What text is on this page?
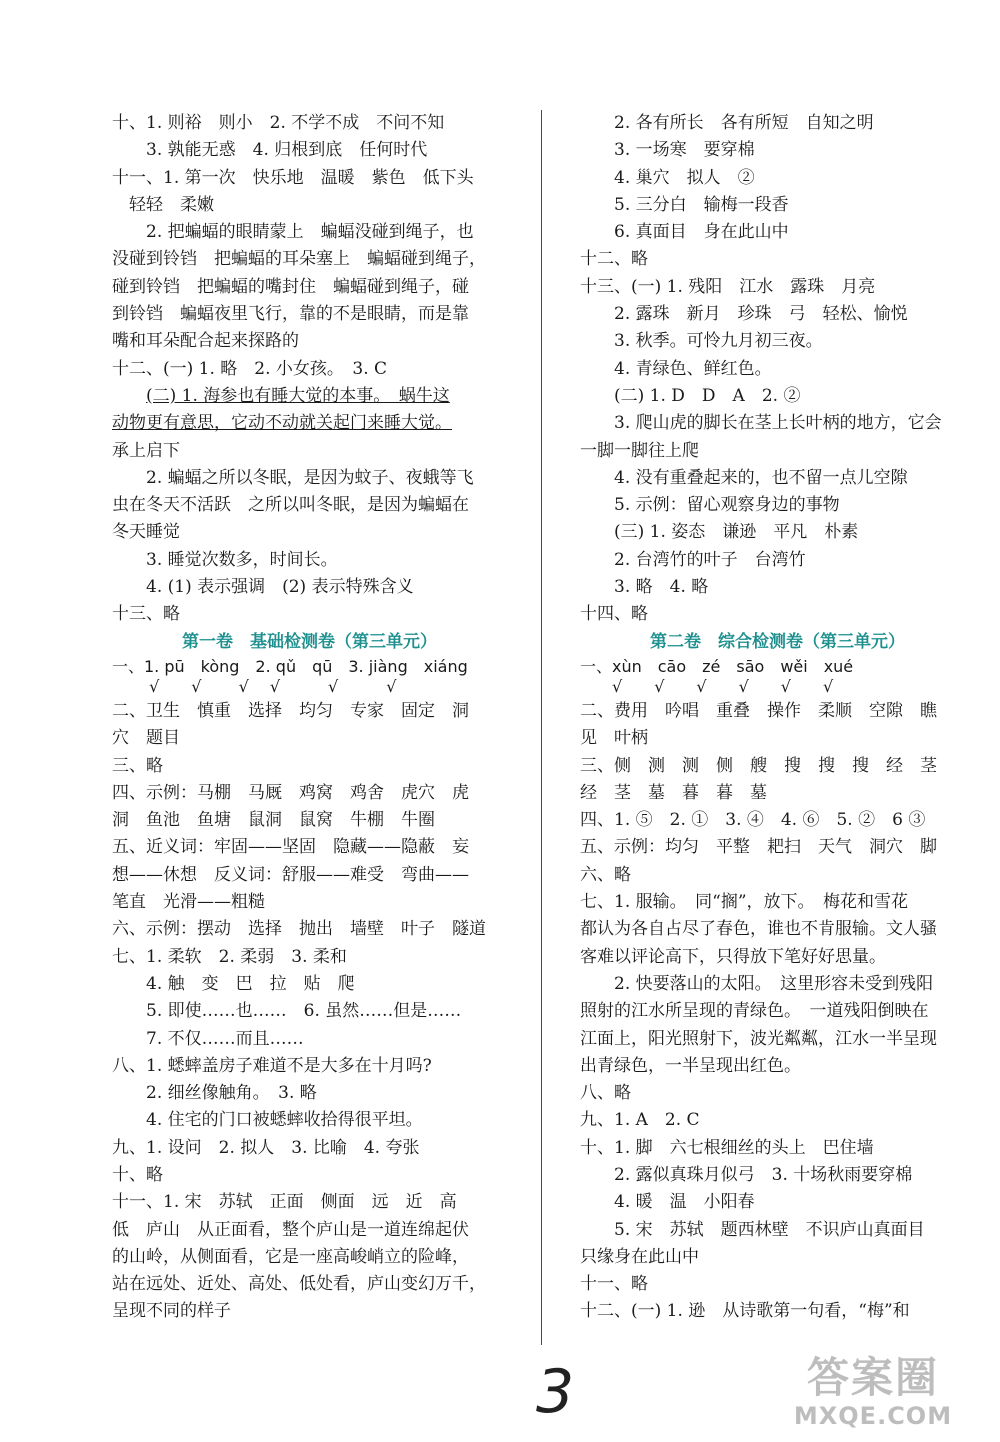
十、1. 则裕　则小　2. 不学不成　不问不知
3. 孰能无惑　4. 归根到底　任何时代
十一、1. 第一次　快乐地　温暖　紫色　低下头
轻轻　柔嫩
2. 把蝙蝠的眼睛蒙上　蝙蝠没碰到绳子，也
没碰到铃铛　把蝙蝠的耳朵塞上　蝙蝠碰到绳子，
碰到铃铛　把蝙蝠的嘴封住　蝙蝠碰到绳子，碰
到铃铛　蝙蝠夜里飞行，靠的不是眼睛，而是靠
嘴和耳朵配合起来探路的
十二、(一) 1. 略　2. 小女孩。　3. C
(二) 1. 海参也有睡大觉的本事。　蜗牛这
动物更有意思，它动不动就关起门来睡大觉。
承上启下
2. 蝙蝠之所以冬眠，是因为蚊子、夜蛾等飞
虫在冬天不活跃　之所以叫冬眠，是因为蝙蝠在
冬天睡觉
3. 睡觉次数多，时间长。
4. (1) 表示强调　(2) 表示特殊含义
十三、略
第一卷　基础检测卷（第三单元）
一、1. pū　kòng　2. qǔ　qū　3. jiàng　xiáng
　　 √　　√　　 √　 √　　　√　　　√
二、卫生　慎重　选择　均匀　专家　固定　洞
穴　题目
三、略
四、示例：马棚　马厩　鸡窝　鸡舍　虎穴　虎
洞　鱼池　鱼塘　鼠洞　鼠窝　牛棚　牛圈
五、近义词：牢固——坚固　隐藏——隐蔽　妄
想——休想　反义词：舒服——难受　弯曲——
笔直　光滑——粗糙
六、示例：摆动　选择　抛出　墙壁　叶子　隧道
七、1. 柔软　2. 柔弱　3. 柔和
4. 触　变　巴　拉　贴　爬
5. 即使……也……　6. 虽然……但是……
7. 不仅……而且……
八、1. 蟋蟀盖房子难道不是大多在十月吗?
2. 细丝像触角。　3. 略
4. 住宅的门口被蟋蟀收拾得很平坦。
九、1. 设问　2. 拟人　3. 比喻　4. 夸张
十、略
十一、1. 宋　苏轼　正面　侧面　远　近　高
低　庐山　从正面看，整个庐山是一道连绵起伏
的山岭，从侧面看，它是一座高峻峭立的险峰，
站在远处、近处、高处、低处看，庐山变幻万千，
呈现不同的样子
2. 各有所长　各有所短　自知之明
3. 一场寒　要穿棉
4. 巢穴　拟人　②
5. 三分白　输梅一段香
6. 真面目　身在此山中
十二、略
十三、(一) 1. 残阳　江水　露珠　月亮
2. 露珠　新月　珍珠　弓　轻松、愉悦
3. 秋季。可怜九月初三夜。
4. 青绿色、鲜红色。
(二) 1. D　D　A　2. ②
3. 爬山虎的脚长在茎上长叶柄的地方，它会
一脚一脚往上爬
4. 没有重叠起来的，也不留一点儿空隙
5. 示例：留心观察身边的事物
(三) 1. 姿态　谦逊　平凡　朴素
2. 台湾竹的叶子　台湾竹
3. 略　4. 略
十四、略
第二卷　综合检测卷（第三单元）
一、xùn　cāo　zé　sāo　wěi　xué
　　√　　√　　√　　√　　√　　√
二、费用　吟唱　重叠　操作　柔顺　空隙　瞧
见　叶柄
三、侧　测　测　侧　艘　搜　搜　搜　经　茎
经　茎　墓　暮　暮　墓
四、1. ⑤　2. ①　3. ④　4. ⑥　5. ②　6 ③
五、示例：均匀　平整　耙扫　天气　洞穴　脚
六、略
七、1. 服输。　同“搁”，放下。　梅花和雪花
都认为各自占尽了春色，谁也不肯服输。文人骚
客难以评论高下，只得放下笔好好思量。
2. 快要落山的太阳。　这里形容未受到残阳
照射的江水所呈现的青绿色。　一道残阳倒映在
江面上，阳光照射下，波光粼粼，江水一半呈现
出青绿色，一半呈现出红色。
八、略
九、1. A　2. C
十、1. 脚　六七根细丝的头上　巴住墙
2. 露似真珠月似弓　3. 十场秋雨要穿棉
4. 暖　温　小阳春
5. 宋　苏轼　题西林壁　不识庐山真面目
只缘身在此山中
十一、略
十二、(一) 1. 逊　从诗歌第一句看，“梅”和
3	答案圈
MXQE.COM
